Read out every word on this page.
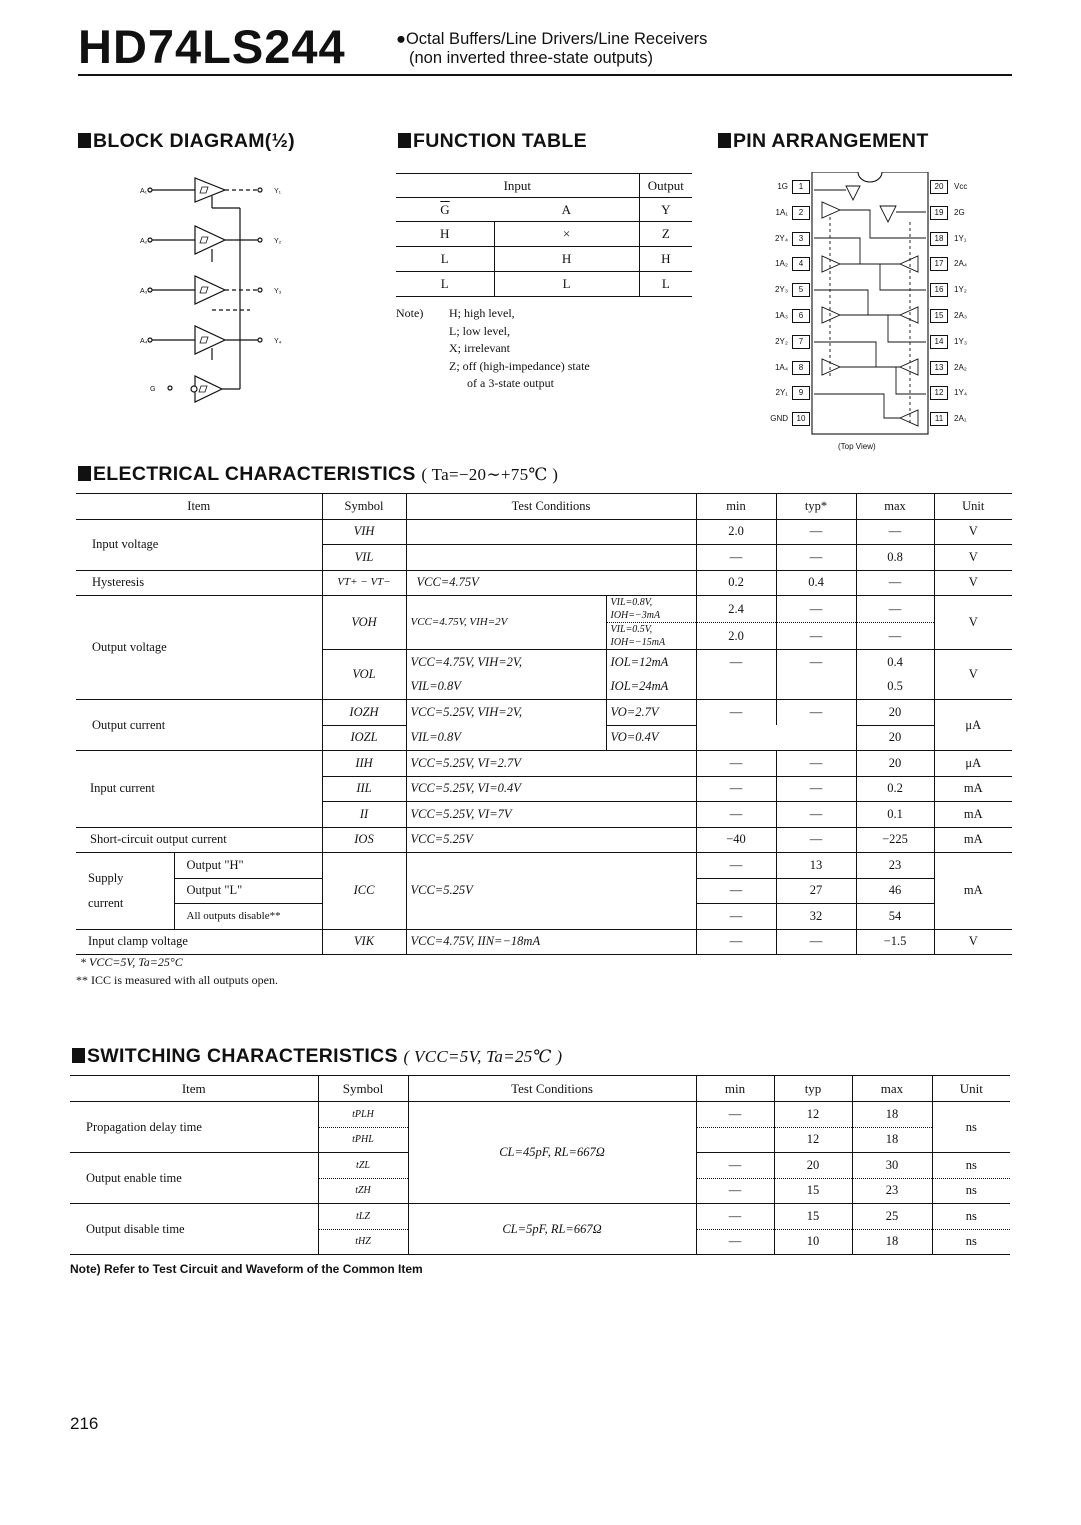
HD74LS244	●Octal Buffers/Line Drivers/Line Receivers
(non inverted three-state outputs)
BLOCK DIAGRAM(½)	FUNCTION TABLE	PIN ARRANGEMENT
A₁
A₂
A₃
A₄
G
Y₁
Y₂
Y₃
Y₄
Input		Output
$\overline{G}$	A	Y
H	×	Z
L	H	H
L	L	L
Note) H; high level,
L; low level,
X; irrelevant
Z; off (high-impedance) state
of a 3-state output
1
1G
2
1A₁
3
2Y₄
4
1A₂
5
2Y₃
6
1A₃
7
2Y₂
8
1A₄
9
2Y₁
10
GND
20	Vcc
19	2G
18	1Y₁
17	2A₄
16	1Y₂
15	2A₃
14	1Y₃
13	2A₂
12	1Y₄
11	2A₁
(Top View)
ELECTRICAL CHARACTERISTICS ( Ta=−20∼+75℃ )
Item		Symbol	Test Conditions		min	typ*	max	Unit
Input voltage		VIH			2.0	—	—	V
		VIL			—	—	0.8	V
Hysteresis		VT+ − VT−	VCC=4.75V		0.2	0.4	—	V
Output voltage		VOH	VCC=4.75V, VIH=2V	VIL=0.8V, IOH=−3mA	2.4	—	—	V
				VIL=0.5V, IOH=−15mA	2.0	—	—	
		VOL	VCC=4.75V, VIH=2V,	IOL=12mA	—	—	0.4	V
			VIL=0.8V	IOL=24mA			0.5	
Output current		IOZH	VCC=5.25V, VIH=2V,	VO=2.7V	—	—	20	μA
		IOZL	VIL=0.8V	VO=0.4V			20	
Input current		IIH	VCC=5.25V, VI=2.7V		—	—	20	μA
		IIL	VCC=5.25V, VI=0.4V		—	—	0.2	mA
		II	VCC=5.25V, VI=7V		—	—	0.1	mA
Short-circuit output current		IOS	VCC=5.25V		−40	—	−225	mA

Supply
current	Output "H"	ICC	VCC=5.25V		—	13	23	mA
	Output "L"				—	27	46	
	All outputs disable**				—	32	54	
Input clamp voltage		VIK	VCC=4.75V, IIN=−18mA		—	—	−1.5	V
* VCC=5V, Ta=25°C
** ICC is measured with all outputs open.
SWITCHING CHARACTERISTICS ( VCC=5V, Ta=25℃ )
Item	Symbol	Test Conditions	min	typ	max	Unit
Propagation delay time	tPLH	CL=45pF, RL=667Ω	—	12	18	ns
	tPHL			12	18	
Output enable time	tZL		—	20	30	ns
	tZH		—	15	23	ns
Output disable time	tLZ	CL=5pF, RL=667Ω	—	15	25	ns
	tHZ		—	10	18	ns
Note) Refer to Test Circuit and Waveform of the Common Item
216
